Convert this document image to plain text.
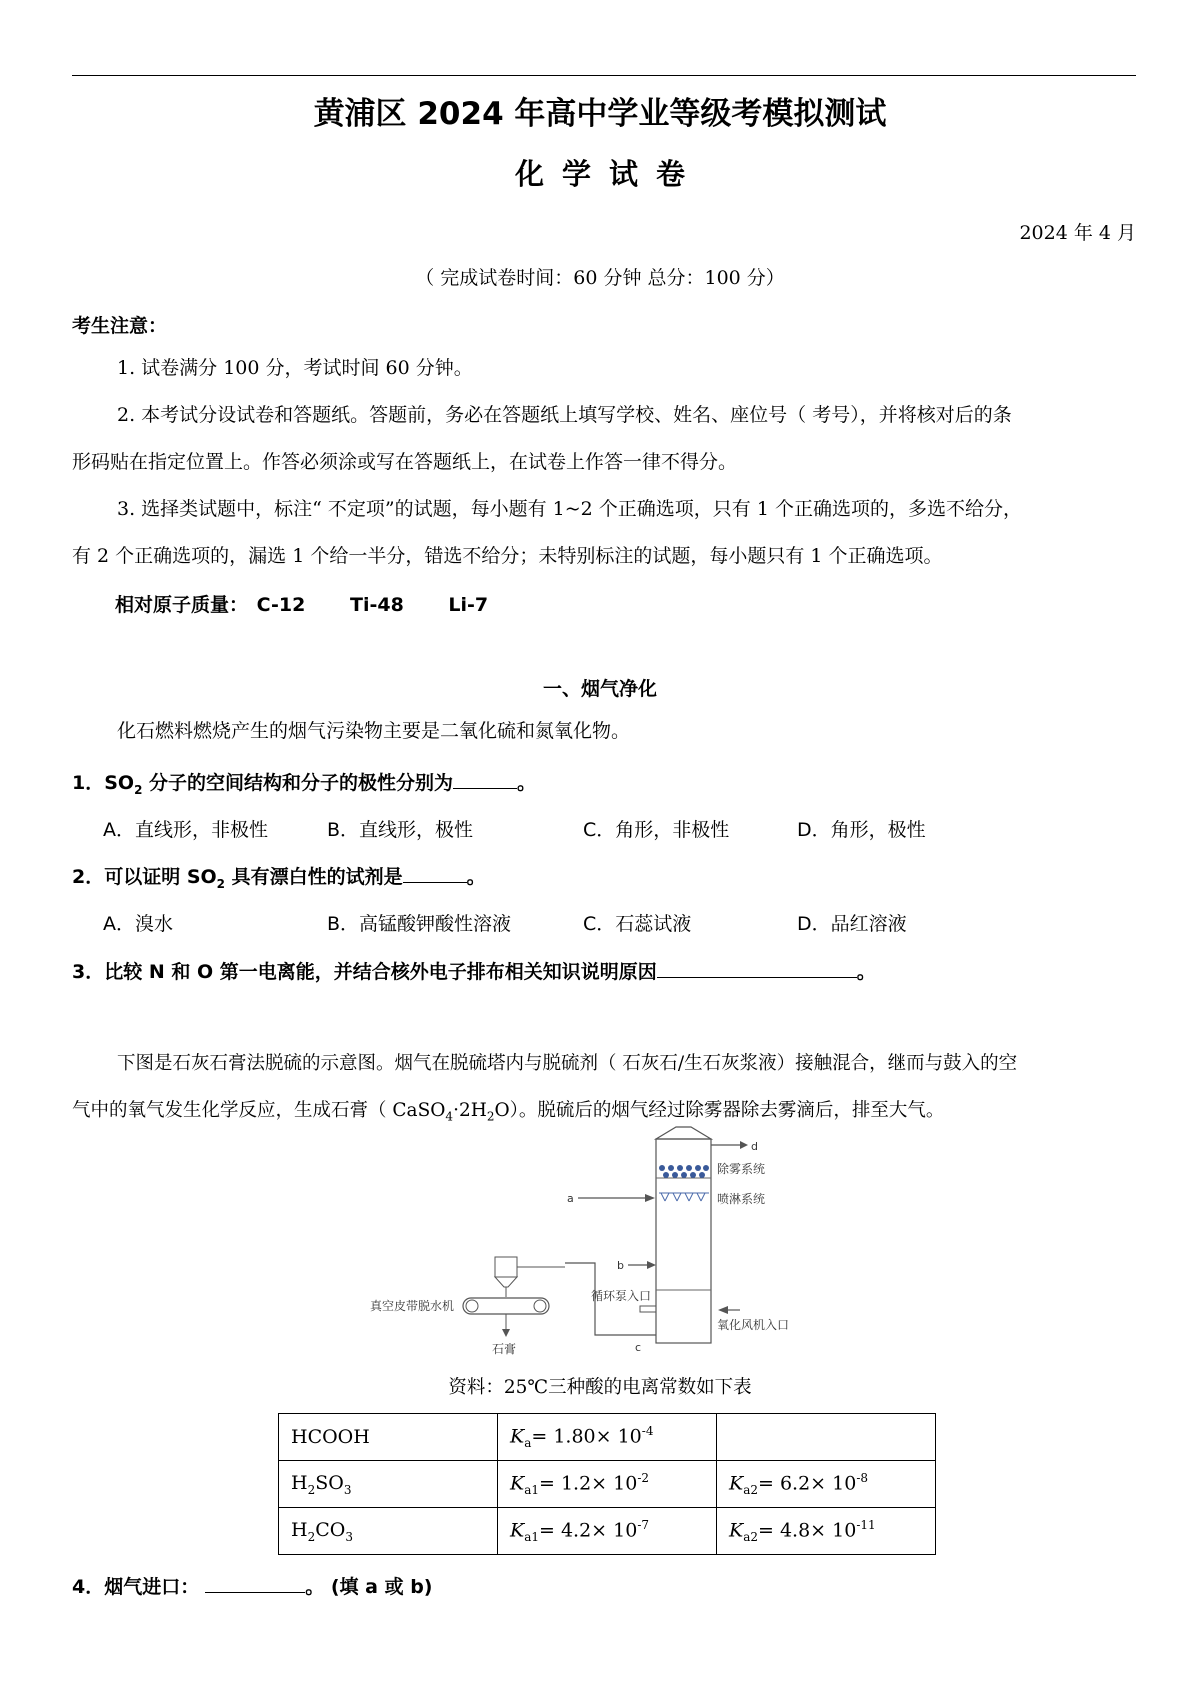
黄浦区 2024 年高中学业等级考模拟测试
化学试卷
2024 年 4 月
（ 完成试卷时间：60 分钟 总分：100 分）
考生注意：
1. 试卷满分 100 分，考试时间 60 分钟。
2. 本考试分设试卷和答题纸。答题前，务必在答题纸上填写学校、姓名、座位号（ 考号），并将核对后的条
形码贴在指定位置上。作答必须涂或写在答题纸上，在试卷上作答一律不得分。
3. 选择类试题中，标注“ 不定项”的试题，每小题有 1~2 个正确选项，只有 1 个正确选项的，多选不给分，
有 2 个正确选项的，漏选 1 个给一半分，错选不给分；未特别标注的试题，每小题只有 1 个正确选项。
相对原子质量： C-12 Ti-48 Li-7
一、烟气净化
化石燃料燃烧产生的烟气污染物主要是二氧化硫和氮氧化物。
1．$SO_2$ 分子的空间结构和分子的极性分别为	。
A．直线形，非极性	B．直线形，极性	C．角形，非极性	D．角形，极性
2．可以证明 $SO_2$ 具有漂白性的试剂是	。
A．溴水	B．高锰酸钾酸性溶液	C．石蕊试液	D．品红溶液
3．比较 N 和 O 第一电离能，并结合核外电子排布相关知识说明原因	。
下图是石灰石膏法脱硫的示意图。烟气在脱硫塔内与脱硫剂（ 石灰石/生石灰浆液）接触混合，继而与鼓入的空
气中的氧气发生化学反应，生成石膏（ $CaSO_4\cdot 2H_2O$）。脱硫后的烟气经过除雾器除去雾滴后，排至大气。
d
除雾系统
喷淋系统
a
b
循环泵入口
氧化风机入口
c
真空皮带脱水机
石膏
资料：25℃三种酸的电离常数如下表
HCOOH	$K_a= 1.80\times 10^{-4}$	
$H_2SO_3$	$K_{a1}= 1.2\times 10^{-2}$	$K_{a2}= 6.2\times 10^{-8}$
$H_2CO_3$	$K_{a1}= 4.2\times 10^{-7}$	$K_{a2}= 4.8\times 10^{-11}$
4．烟气进口：	。 (填 a 或 b)
